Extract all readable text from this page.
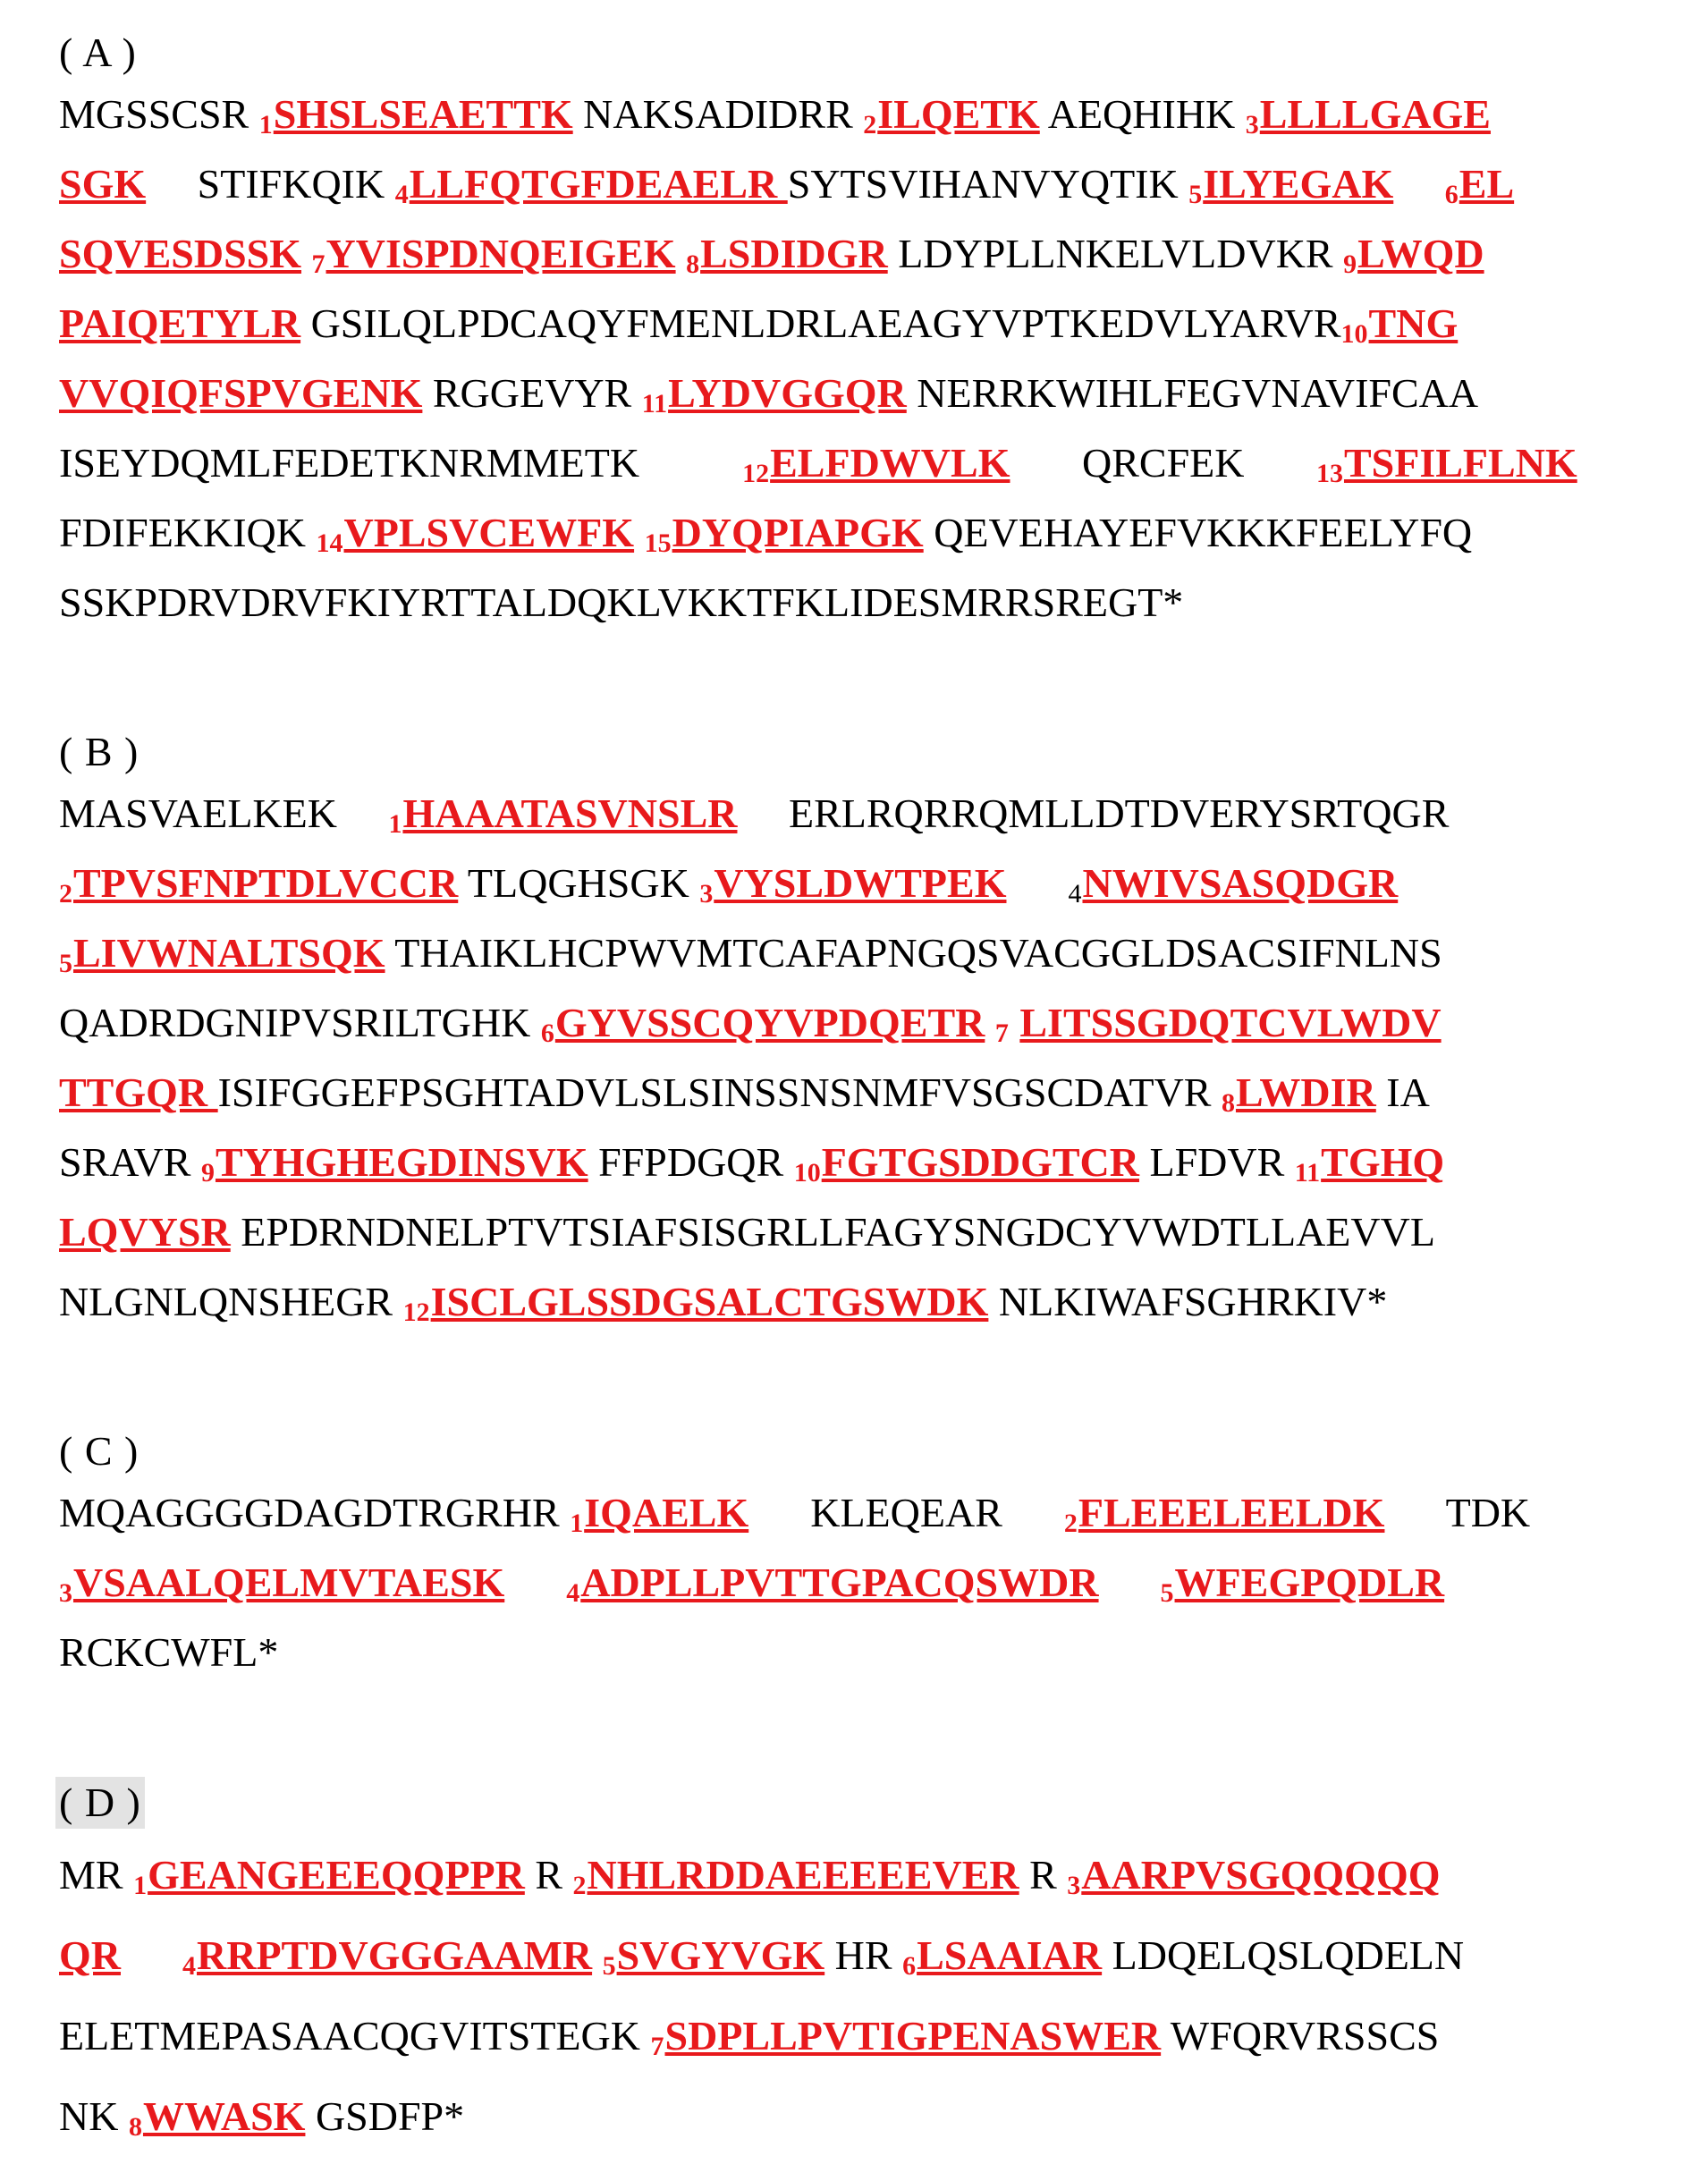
( A )
MGSSCSR 1SHSLSEAETTK NAKSADIDRR 2ILQETK AEQHIHK 3LLLLGAGE
SGK     STIFKQIK 4LLFQTGFDEAELR SYTSVIHANVYQTIK 5ILYEGAK 6EL
SQVESDSSK 7YVISPDNQEIGEK 8LSDIDGR LDYPLLNKELVLDVKR 9LWQD
PAIQETYLR GSILQLPDCAQYFMENLDRLAEAGYVPTKEDVLYARVR10TNG
VVQIQFSPVGENK RGGEVYR 11LYDVGGQR NERRKWIHLFEGVNAVIFCAA
ISEYDQMLFEDETKNRMMETK          12ELFDWVLK       QRCFEK       13TSFILFLNK
FDIFEKKIQK 14VPLSVCEWFK 15DYQPIAPGK QEVEHAYEFVKKKFEELYFQ
SSKPDRVDRVFKIYRTTALDQKLVKKTFKLIDESMRRSREGT*
( B )
MASVAELKEK     1HAAATASVNSLR     ERLRQRRQMLLDTDVERYSRTQGR
2TPVSFNPTDLVCCR TLQGHSGK 3VYSLDWTPEK 4NWIVSASQDGR
5LIVWNALTSQK THAIKLHCPWVMTCAFAPNGQSVACGGLDSACSIFNLNS
QADRDGNIPVSRILTGHK 6GYVSSCQYVPDQETR 7 LITSSGDQTCVLWDV
TTGQR ISIFGGEFPSGHTADVLSLSINSSNSNMFVSGSCDATVR 8LWDIR IA
SRAVR 9TYHGHEGDINSVK FFPDGQR 10FGTGSDDGTCR LFDVR 11TGHQ
LQVYSR EPDRNDNELPTVTSIAFSISGRLLFAGYSNGDCYVWDTLLAEVVL
NLGNLQNSHEGR 12ISCLGLSSDGSALCTGSWDK NLKIWAFSGHRKIV*
( C )
MQAGGGGDAGDTRGRHR 1IQAELK      KLEQEAR      2FLEEELEELDK      TDK
3VSAALQELMVTAESK 4ADPLLPVTTGPACQSWDR 5WFEGPQDLR
RCKCWFL*
( D )
MR 1GEANGEEEQQPPR R 2NHLRDDAEEEEEVER R 3AARPVSGQQQQQ
QR 4RRPTDVGGGAAMR 5SVGYVGK HR 6LSAAIAR LDQELQSLQDELN
ELETMEPASAACQGVITSTEGK 7SDPLLPVTIGPENASWER WFQRVRSSCS
NK 8WWASK GSDFP*
